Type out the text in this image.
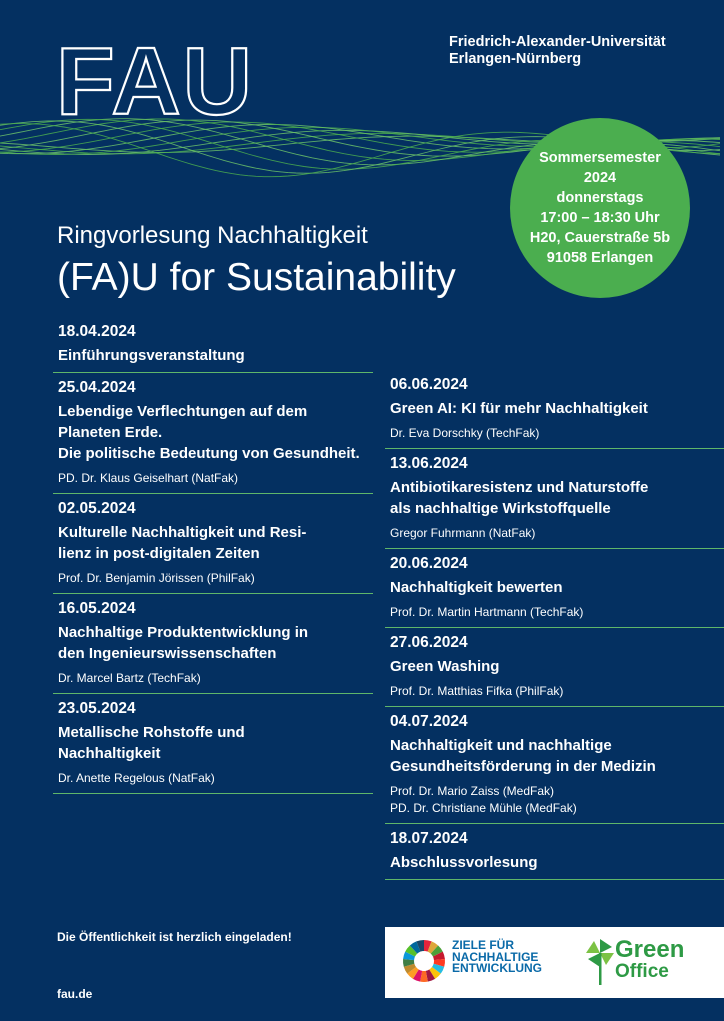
FAU	Friedrich-Alexander-Universität
Erlangen-Nürnberg
Sommersemester
2024
donnerstags
17:00 – 18:30 Uhr
H20, Cauerstraße 5b
91058 Erlangen
Ringvorlesung Nachhaltigkeit
(FA)U for Sustainability
18.04.2024
Einführungsveranstaltung
25.04.2024
Lebendige Verflechtungen auf dem Planeten Erde.
Die politische Bedeutung von Gesundheit.
PD. Dr. Klaus Geiselhart (NatFak)
02.05.2024
Kulturelle Nachhaltigkeit und Resi-
lienz in post-digitalen Zeiten
Prof. Dr. Benjamin Jörissen (PhilFak)
16.05.2024
Nachhaltige Produktentwicklung in
den Ingenieurswissenschaften
Dr. Marcel Bartz (TechFak)
23.05.2024
Metallische Rohstoffe und
Nachhaltigkeit
Dr. Anette Regelous (NatFak)
06.06.2024
Green AI: KI für mehr Nachhaltigkeit
Dr. Eva Dorschky (TechFak)
13.06.2024
Antibiotikaresistenz und Naturstoffe
als nachhaltige Wirkstoffquelle
Gregor Fuhrmann (NatFak)
20.06.2024
Nachhaltigkeit bewerten
Prof. Dr. Martin Hartmann (TechFak)
27.06.2024
Green Washing
Prof. Dr. Matthias Fifka (PhilFak)
04.07.2024
Nachhaltigkeit und nachhaltige
Gesundheitsförderung in der Medizin
Prof. Dr. Mario Zaiss (MedFak)
PD. Dr. Christiane Mühle (MedFak)
18.07.2024
Abschlussvorlesung
Die Öffentlichkeit ist herzlich eingeladen!
fau.de
ZIELE FÜR
NACHHALTIGE
ENTWICKLUNG
Green
Office
